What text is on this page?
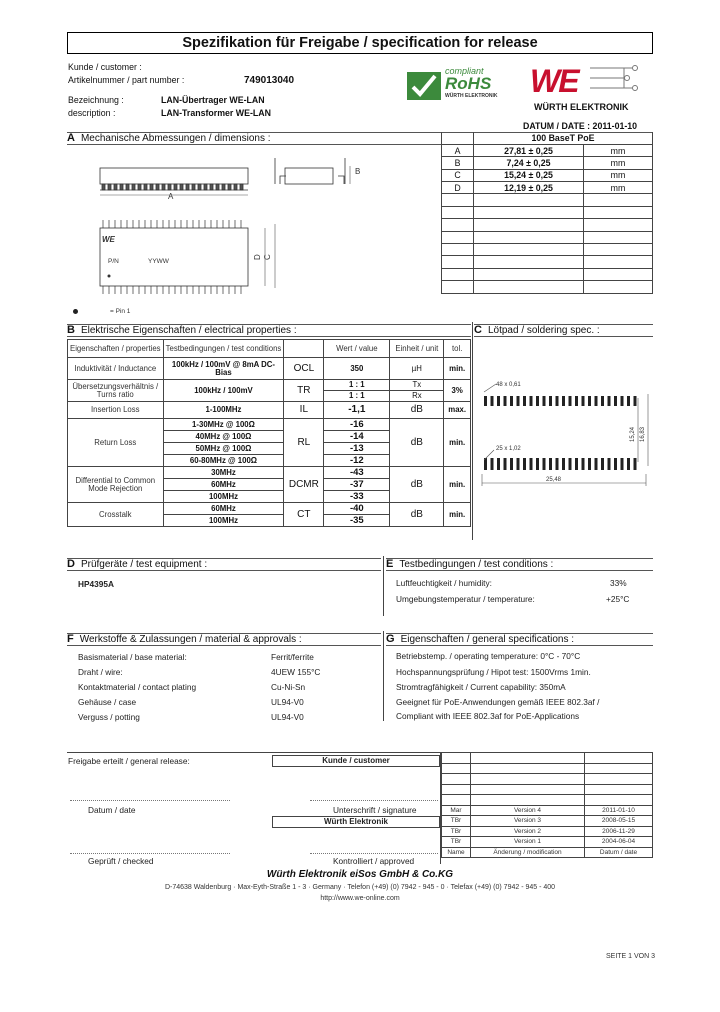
Spezifikation für Freigabe / specification for release
Kunde / customer :
Artikelnummer / part number :	749013040
Bezeichnung :	LAN-Übertrager WE-LAN
description :	LAN-Transformer WE-LAN
DATUM / DATE : 2011-01-10
compliant
RoHS
WÜRTH ELEKTRONIK WE
WÜRTH ELEKTRONIK
A Mechanische Abmessungen / dimensions :
		100 BaseT PoE	
A	27,81 ± 0,25	mm
B	7,24 ± 0,25	mm
C	15,24 ± 0,25	mm
D	12,19 ± 0,25	mm

A
B
C
D
WE
P/N	YYWW
= Pin 1
B Elektrische Eigenschaften / electrical properties :	C Lötpad / soldering spec. :
Eigenschaften / properties	Testbedingungen / test conditions		Wert / value	Einheit / unit	tol.
Induktivität / Inductance	100kHz / 100mV @ 8mA DC-Bias	OCL	350	µH	min.
Übersetzungsverhältnis / Turns ratio	100kHz / 100mV	TR	1 : 1	Tx	3%
			1 : 1	Rx	
Insertion Loss	1-100MHz	IL	-1,1	dB	max.
Return Loss	1-30MHz @ 100Ω	RL	-16	dB	min.
	40MHz @ 100Ω		-14		
	50MHz @ 100Ω		-13		
	60-80MHz @ 100Ω		-12		
Differential to Common Mode Rejection	30MHz	DCMR	-43	dB	min.
	60MHz		-37		
	100MHz		-33		
Crosstalk	60MHz	CT	-40	dB	min.
	100MHz		-35		
48 x 0,61
25 x 1,02
25,48
15,24 16,83
D Prüfgeräte / test equipment :	E Testbedingungen / test conditions :
HP4395A	Luftfeuchtigkeit / humidity:	33%
Umgebungstemperatur / temperature:	+25°C
F Werkstoffe & Zulassungen / material & approvals :	G Eigenschaften / general specifications :
Basismaterial / base material:	Ferrit/ferrite
Draht / wire:	4UEW 155°C
Kontaktmaterial / contact plating	Cu-Ni-Sn
Gehäuse / case	UL94-V0
Verguss / potting	UL94-V0
Betriebstemp. / operating temperature: 0°C - 70°C
Hochspannungsprüfung / Hipot test: 1500Vrms 1min.
Stromtragfähigkeit / Current capability: 350mA
Geeignet für PoE-Anwendungen gemäß IEEE 802.3af /
Compliant with IEEE 802.3af for PoE-Applications
Freigabe erteilt / general release:	Kunde / customer
Datum / date	Unterschrift / signature
Würth Elektronik
Geprüft / checked	Kontrolliert / approved

Mar	Version 4	2011-01-10
TBr	Version 3	2008-05-15
TBr	Version 2	2006-11-29
TBr	Version 1	2004-06-04
Name	Änderung / modification	Datum / date
Würth Elektronik eiSos GmbH & Co.KG
D-74638 Waldenburg · Max-Eyth-Straße 1 - 3 · Germany · Telefon (+49) (0) 7942 - 945 - 0 · Telefax (+49) (0) 7942 - 945 - 400
http://www.we-online.com
SEITE 1 VON 3
